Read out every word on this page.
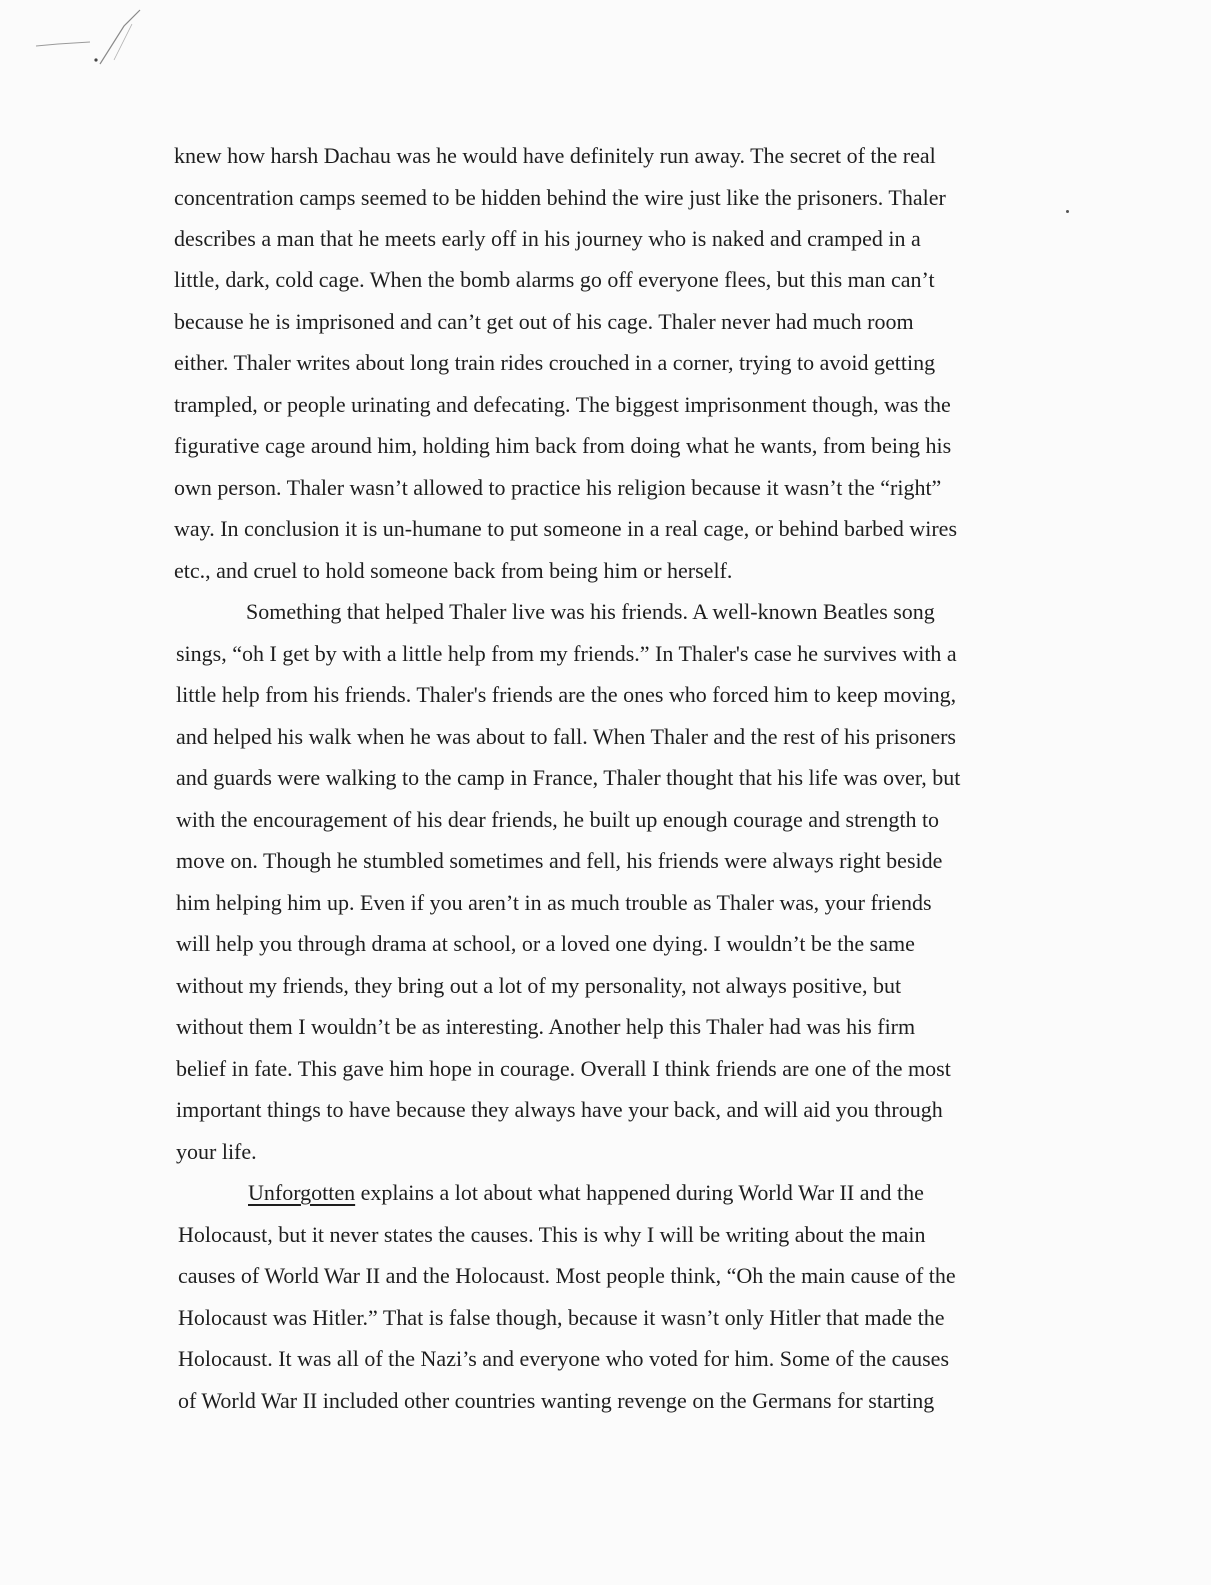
knew how harsh Dachau was he would have definitely run away. The secret of the real
concentration camps seemed to be hidden behind the wire just like the prisoners. Thaler
describes a man that he meets early off in his journey who is naked and cramped in a
little, dark, cold cage. When the bomb alarms go off everyone flees, but this man can’t
because he is imprisoned and can’t get out of his cage. Thaler never had much room
either. Thaler writes about long train rides crouched in a corner, trying to avoid getting
trampled, or people urinating and defecating. The biggest imprisonment though, was the
figurative cage around him, holding him back from doing what he wants, from being his
own person. Thaler wasn’t allowed to practice his religion because it wasn’t the “right”
way. In conclusion it is un-humane to put someone in a real cage, or behind barbed wires
etc., and cruel to hold someone back from being him or herself.
Something that helped Thaler live was his friends. A well-known Beatles song
sings, “oh I get by with a little help from my friends.” In Thaler's case he survives with a
little help from his friends. Thaler's friends are the ones who forced him to keep moving,
and helped his walk when he was about to fall. When Thaler and the rest of his prisoners
and guards were walking to the camp in France, Thaler thought that his life was over, but
with the encouragement of his dear friends, he built up enough courage and strength to
move on. Though he stumbled sometimes and fell, his friends were always right beside
him helping him up. Even if you aren’t in as much trouble as Thaler was, your friends
will help you through drama at school, or a loved one dying. I wouldn’t be the same
without my friends, they bring out a lot of my personality, not always positive, but
without them I wouldn’t be as interesting. Another help this Thaler had was his firm
belief in fate. This gave him hope in courage. Overall I think friends are one of the most
important things to have because they always have your back, and will aid you through
your life.
Unforgotten explains a lot about what happened during World War II and the
Holocaust, but it never states the causes. This is why I will be writing about the main
causes of World War II and the Holocaust. Most people think, “Oh the main cause of the
Holocaust was Hitler.” That is false though, because it wasn’t only Hitler that made the
Holocaust. It was all of the Nazi’s and everyone who voted for him. Some of the causes
of World War II included other countries wanting revenge on the Germans for starting
